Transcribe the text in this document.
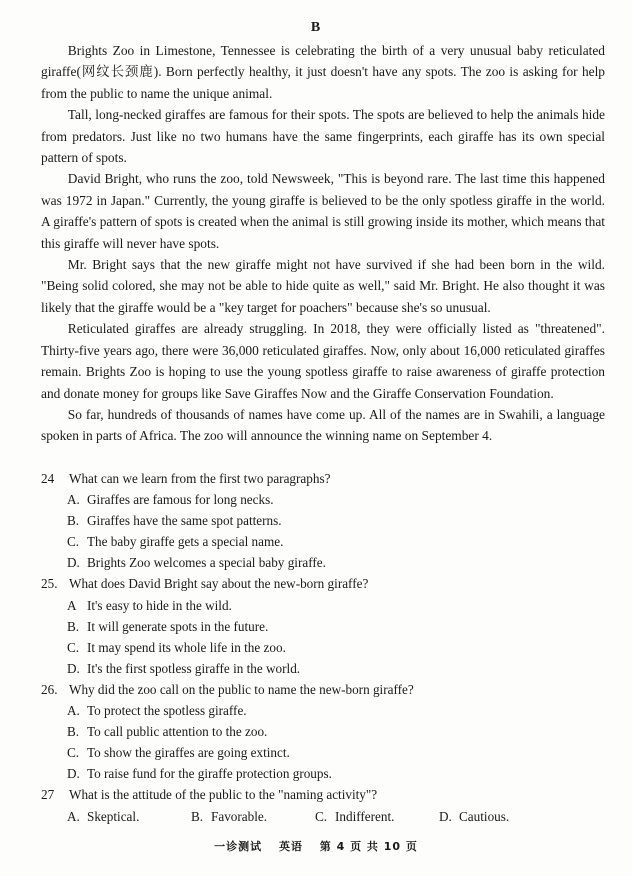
B

Brights Zoo in Limestone, Tennessee is celebrating the birth of a very unusual baby reticulated giraffe(网纹长颈鹿). Born perfectly healthy, it just doesn't have any spots. The zoo is asking for help from the public to name the unique animal.

Tall, long-necked giraffes are famous for their spots. The spots are believed to help the animals hide from predators. Just like no two humans have the same fingerprints, each giraffe has its own special pattern of spots.

David Bright, who runs the zoo, told Newsweek, "This is beyond rare. The last time this happened was 1972 in Japan." Currently, the young giraffe is believed to be the only spotless giraffe in the world. A giraffe's pattern of spots is created when the animal is still growing inside its mother, which means that this giraffe will never have spots.

Mr. Bright says that the new giraffe might not have survived if she had been born in the wild. "Being solid colored, she may not be able to hide quite as well," said Mr. Bright. He also thought it was likely that the giraffe would be a "key target for poachers" because she's so unusual.

Reticulated giraffes are already struggling. In 2018, they were officially listed as "threatened". Thirty-five years ago, there were 36,000 reticulated giraffes. Now, only about 16,000 reticulated giraffes remain. Brights Zoo is hoping to use the young spotless giraffe to raise awareness of giraffe protection and donate money for groups like Save Giraffes Now and the Giraffe Conservation Foundation.

So far, hundreds of thousands of names have come up. All of the names are in Swahili, a language spoken in parts of Africa. The zoo will announce the winning name on September 4.

24	What can we learn from the first two paragraphs?
A. Giraffes are famous for long necks.
B. Giraffes have the same spot patterns.
C. The baby giraffe gets a special name.
D. Brights Zoo welcomes a special baby giraffe.
25. What does David Bright say about the new-born giraffe?
A It's easy to hide in the wild.
B. It will generate spots in the future.
C. It may spend its whole life in the zoo.
D. It's the first spotless giraffe in the world.
26. Why did the zoo call on the public to name the new-born giraffe?
A. To protect the spotless giraffe.
B. To call public attention to the zoo.
C. To show the giraffes are going extinct.
D. To raise fund for the giraffe protection groups.
27	What is the attitude of the public to the "naming activity"?
A. Skeptical.	B. Favorable.	C. Indifferent.	D. Cautious.
一诊测试 英语 第 4 页 共 10 页
